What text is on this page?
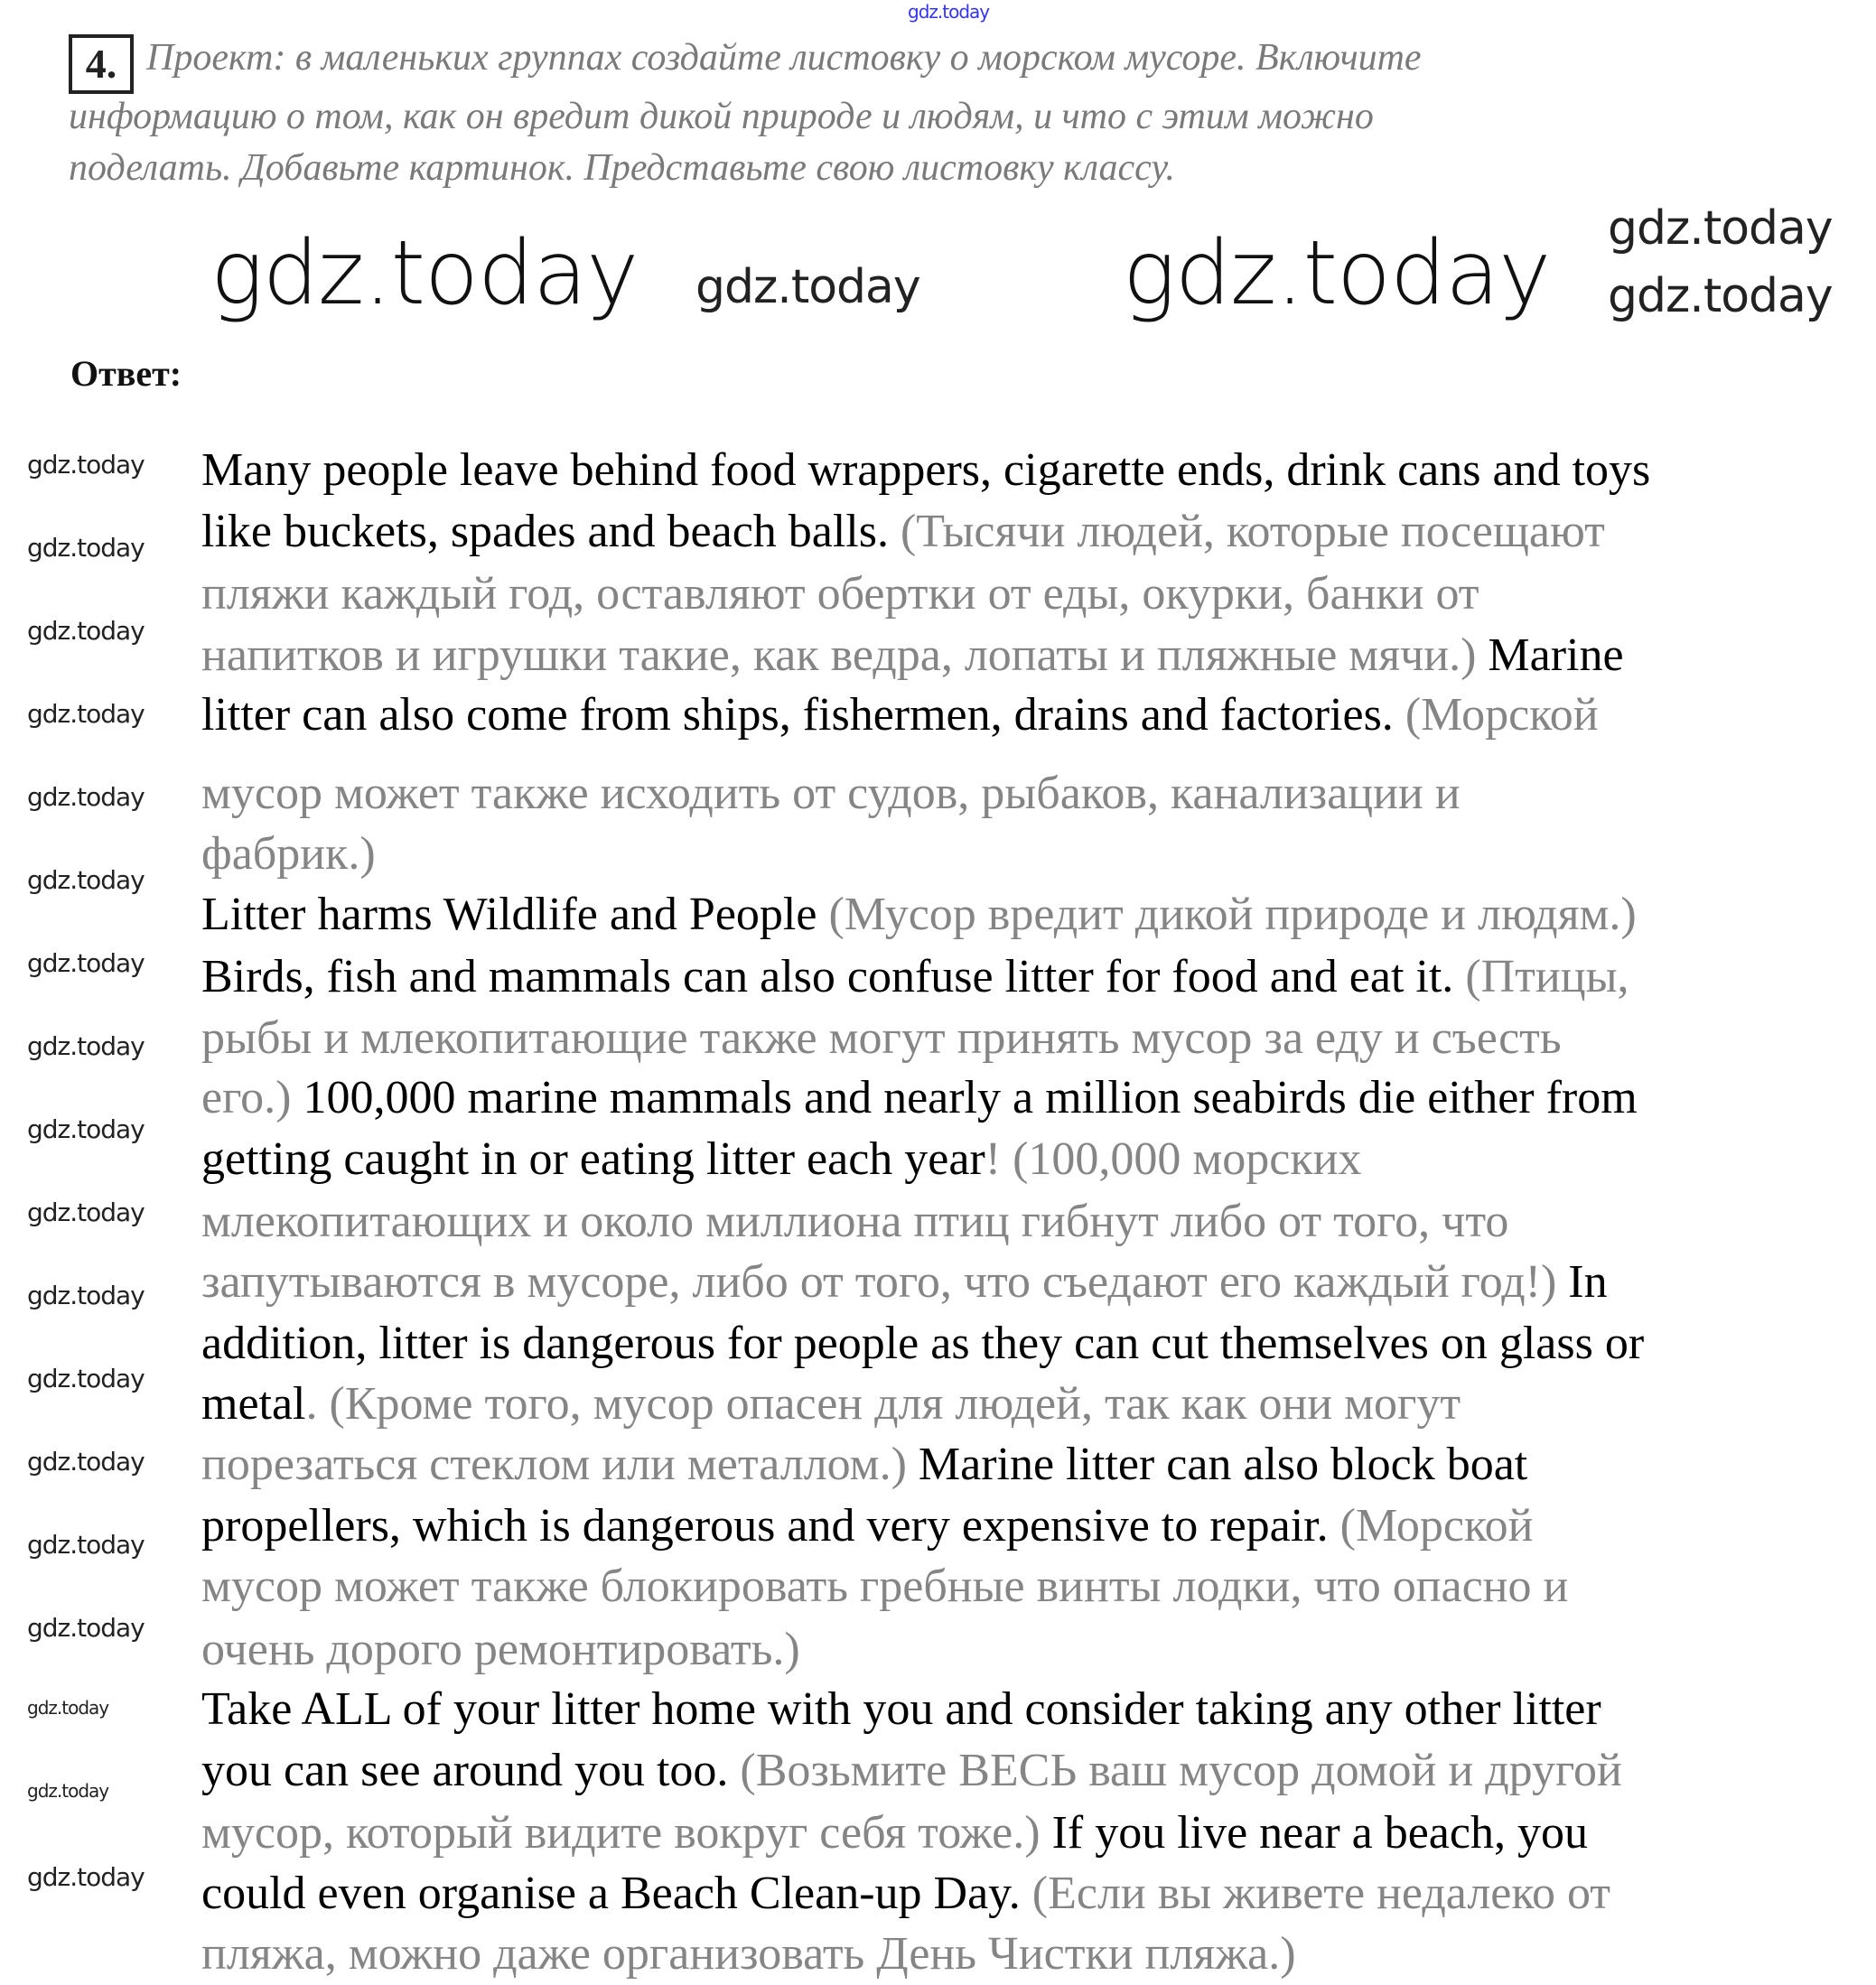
4. Проект: в маленьких группах создайте листовку о морском мусоре. Включите
информацию о том, как он вредит дикой природе и людям, и что с этим можно
поделать. Добавьте картинок. Представьте свою листовку классу.
Ответ:
Many people leave behind food wrappers, cigarette ends, drink cans and toys
like buckets, spades and beach balls. (Тысячи людей, которые посещают
пляжи каждый год, оставляют обертки от еды, окурки, банки от
напитков и игрушки такие, как ведра, лопаты и пляжные мячи.) Marine
litter can also come from ships, fishermen, drains and factories. (Морской
мусор может также исходить от судов, рыбаков, канализации и
фабрик.)
Litter harms Wildlife and People (Мусор вредит дикой природе и людям.)
Birds, fish and mammals can also confuse litter for food and eat it. (Птицы,
рыбы и млекопитающие также могут принять мусор за еду и съесть
его.) 100,000 marine mammals and nearly a million seabirds die either from
getting caught in or eating litter each year! (100,000 морских
млекопитающих и около миллиона птиц гибнут либо от того, что
запутываются в мусоре, либо от того, что съедают его каждый год!) In
addition, litter is dangerous for people as they can cut themselves on glass or
metal. (Кроме того, мусор опасен для людей, так как они могут
порезаться стеклом или металлом.) Marine litter can also block boat
propellers, which is dangerous and very expensive to repair. (Морской
мусор может также блокировать гребные винты лодки, что опасно и
очень дорого ремонтировать.)
Take ALL of your litter home with you and consider taking any other litter
you can see around you too. (Возьмите ВЕСЬ ваш мусор домой и другой
мусор, который видите вокруг себя тоже.) If you live near a beach, you
could even organise a Beach Clean-up Day. (Если вы живете недалеко от
пляжа, можно даже организовать День Чистки пляжа.)
gdz.today
gdz.today	gdz.today
gdz.today	gdz.today
gdz.today
gdz.today
gdz.today
gdz.today
gdz.today
gdz.today
gdz.today
gdz.today
gdz.today
gdz.today
gdz.today
gdz.today
gdz.today
gdz.today
gdz.today
gdz.today
gdz.today
gdz.today
gdz.today
